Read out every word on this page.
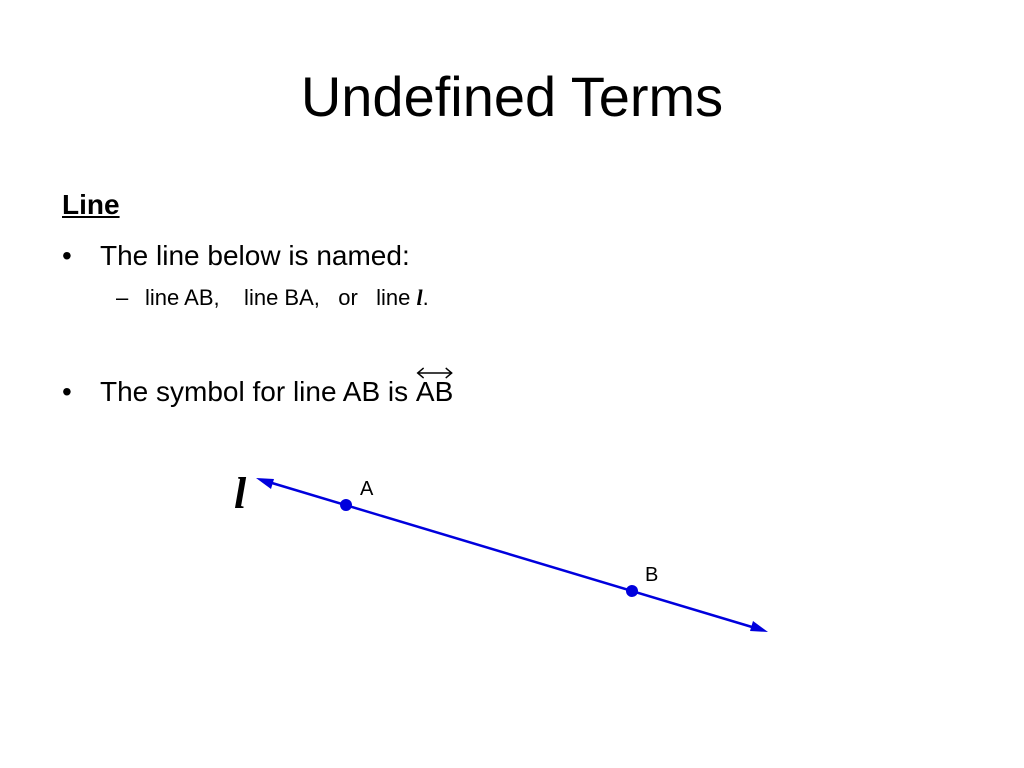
Undefined Terms
Line
• The line below is named:
– line AB,    line BA,   or   line l.
• The symbol for line AB is
AB
A
B
l
